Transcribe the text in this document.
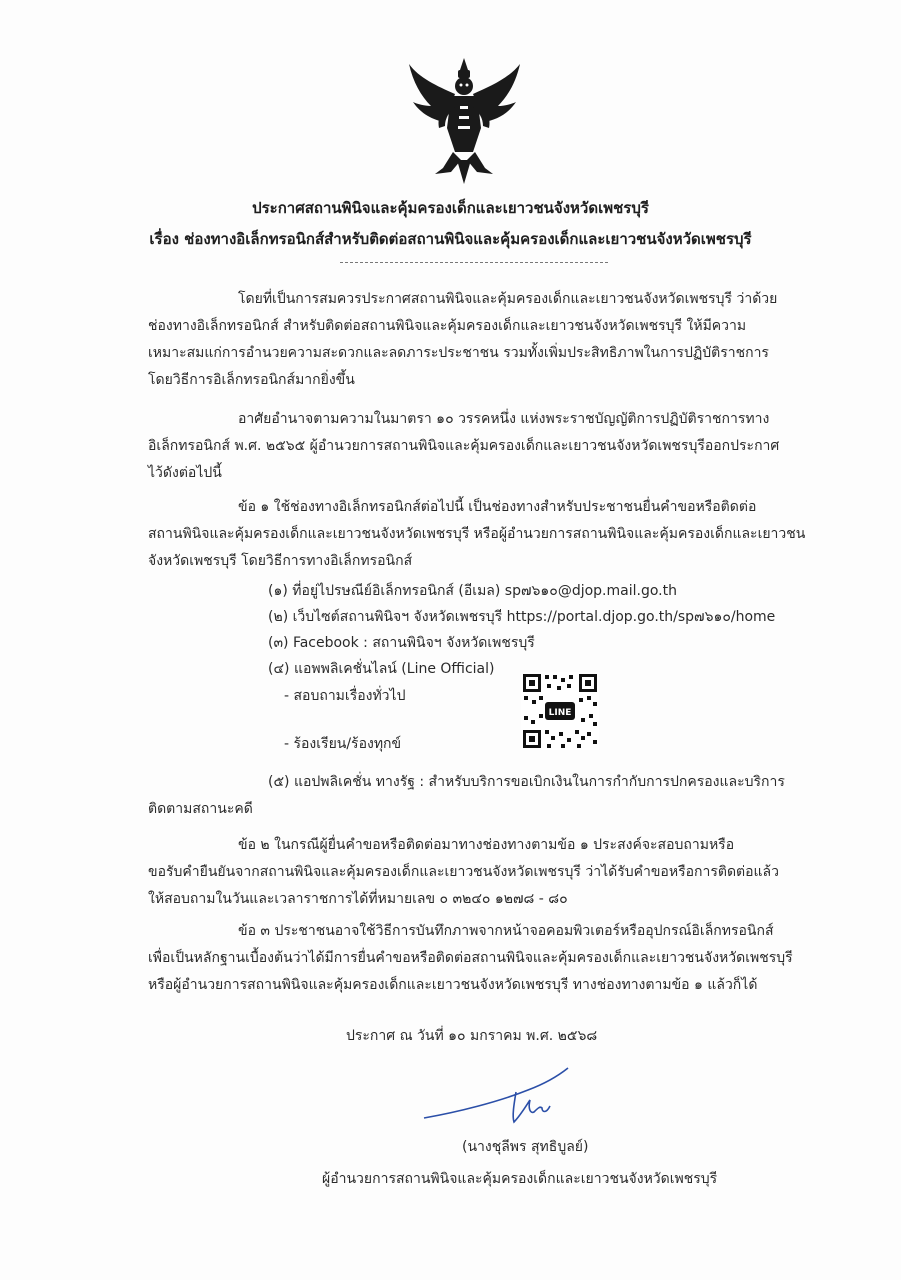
ประกาศสถานพินิจและคุ้มครองเด็กและเยาวชนจังหวัดเพชรบุรี
เรื่อง ช่องทางอิเล็กทรอนิกส์สำหรับติดต่อสถานพินิจและคุ้มครองเด็กและเยาวชนจังหวัดเพชรบุรี
โดยที่เป็นการสมควรประกาศสถานพินิจและคุ้มครองเด็กและเยาวชนจังหวัดเพชรบุรี ว่าด้วย
ช่องทางอิเล็กทรอนิกส์ สำหรับติดต่อสถานพินิจและคุ้มครองเด็กและเยาวชนจังหวัดเพชรบุรี ให้มีความ
เหมาะสมแก่การอำนวยความสะดวกและลดภาระประชาชน รวมทั้งเพิ่มประสิทธิภาพในการปฏิบัติราชการ
โดยวิธีการอิเล็กทรอนิกส์มากยิ่งขึ้น
อาศัยอำนาจตามความในมาตรา ๑๐ วรรคหนึ่ง แห่งพระราชบัญญัติการปฏิบัติราชการทาง
อิเล็กทรอนิกส์ พ.ศ. ๒๕๖๕ ผู้อำนวยการสถานพินิจและคุ้มครองเด็กและเยาวชนจังหวัดเพชรบุรีออกประกาศ
ไว้ดังต่อไปนี้
ข้อ ๑ ใช้ช่องทางอิเล็กทรอนิกส์ต่อไปนี้ เป็นช่องทางสำหรับประชาชนยื่นคำขอหรือติดต่อ
สถานพินิจและคุ้มครองเด็กและเยาวชนจังหวัดเพชรบุรี หรือผู้อำนวยการสถานพินิจและคุ้มครองเด็กและเยาวชน
จังหวัดเพชรบุรี โดยวิธีการทางอิเล็กทรอนิกส์
(๑) ที่อยู่ไปรษณีย์อิเล็กทรอนิกส์ (อีเมล) sp๗๖๑๐@djop.mail.go.th
(๒) เว็บไซต์สถานพินิจฯ จังหวัดเพชรบุรี https://portal.djop.go.th/sp๗๖๑๐/home
(๓) Facebook : สถานพินิจฯ จังหวัดเพชรบุรี
(๔) แอพพลิเคชั่นไลน์ (Line Official)
- สอบถามเรื่องทั่วไป
- ร้องเรียน/ร้องทุกข์
LINE
(๕) แอปพลิเคชั่น ทางรัฐ : สำหรับบริการขอเบิกเงินในการกำกับการปกครองและบริการ
ติดตามสถานะคดี
ข้อ ๒ ในกรณีผู้ยื่นคำขอหรือติดต่อมาทางช่องทางตามข้อ ๑ ประสงค์จะสอบถามหรือ
ขอรับคำยืนยันจากสถานพินิจและคุ้มครองเด็กและเยาวชนจังหวัดเพชรบุรี ว่าได้รับคำขอหรือการติดต่อแล้ว
ให้สอบถามในวันและเวลาราชการได้ที่หมายเลข ๐ ๓๒๔๐ ๑๒๗๘ - ๘๐
ข้อ ๓ ประชาชนอาจใช้วิธีการบันทึกภาพจากหน้าจอคอมพิวเตอร์หรืออุปกรณ์อิเล็กทรอนิกส์
เพื่อเป็นหลักฐานเบื้องต้นว่าได้มีการยื่นคำขอหรือติดต่อสถานพินิจและคุ้มครองเด็กและเยาวชนจังหวัดเพชรบุรี
หรือผู้อำนวยการสถานพินิจและคุ้มครองเด็กและเยาวชนจังหวัดเพชรบุรี ทางช่องทางตามข้อ ๑ แล้วก็ได้
ประกาศ ณ วันที่ ๑๐ มกราคม พ.ศ. ๒๕๖๘
(นางชุลีพร สุทธิบูลย์)
ผู้อำนวยการสถานพินิจและคุ้มครองเด็กและเยาวชนจังหวัดเพชรบุรี
